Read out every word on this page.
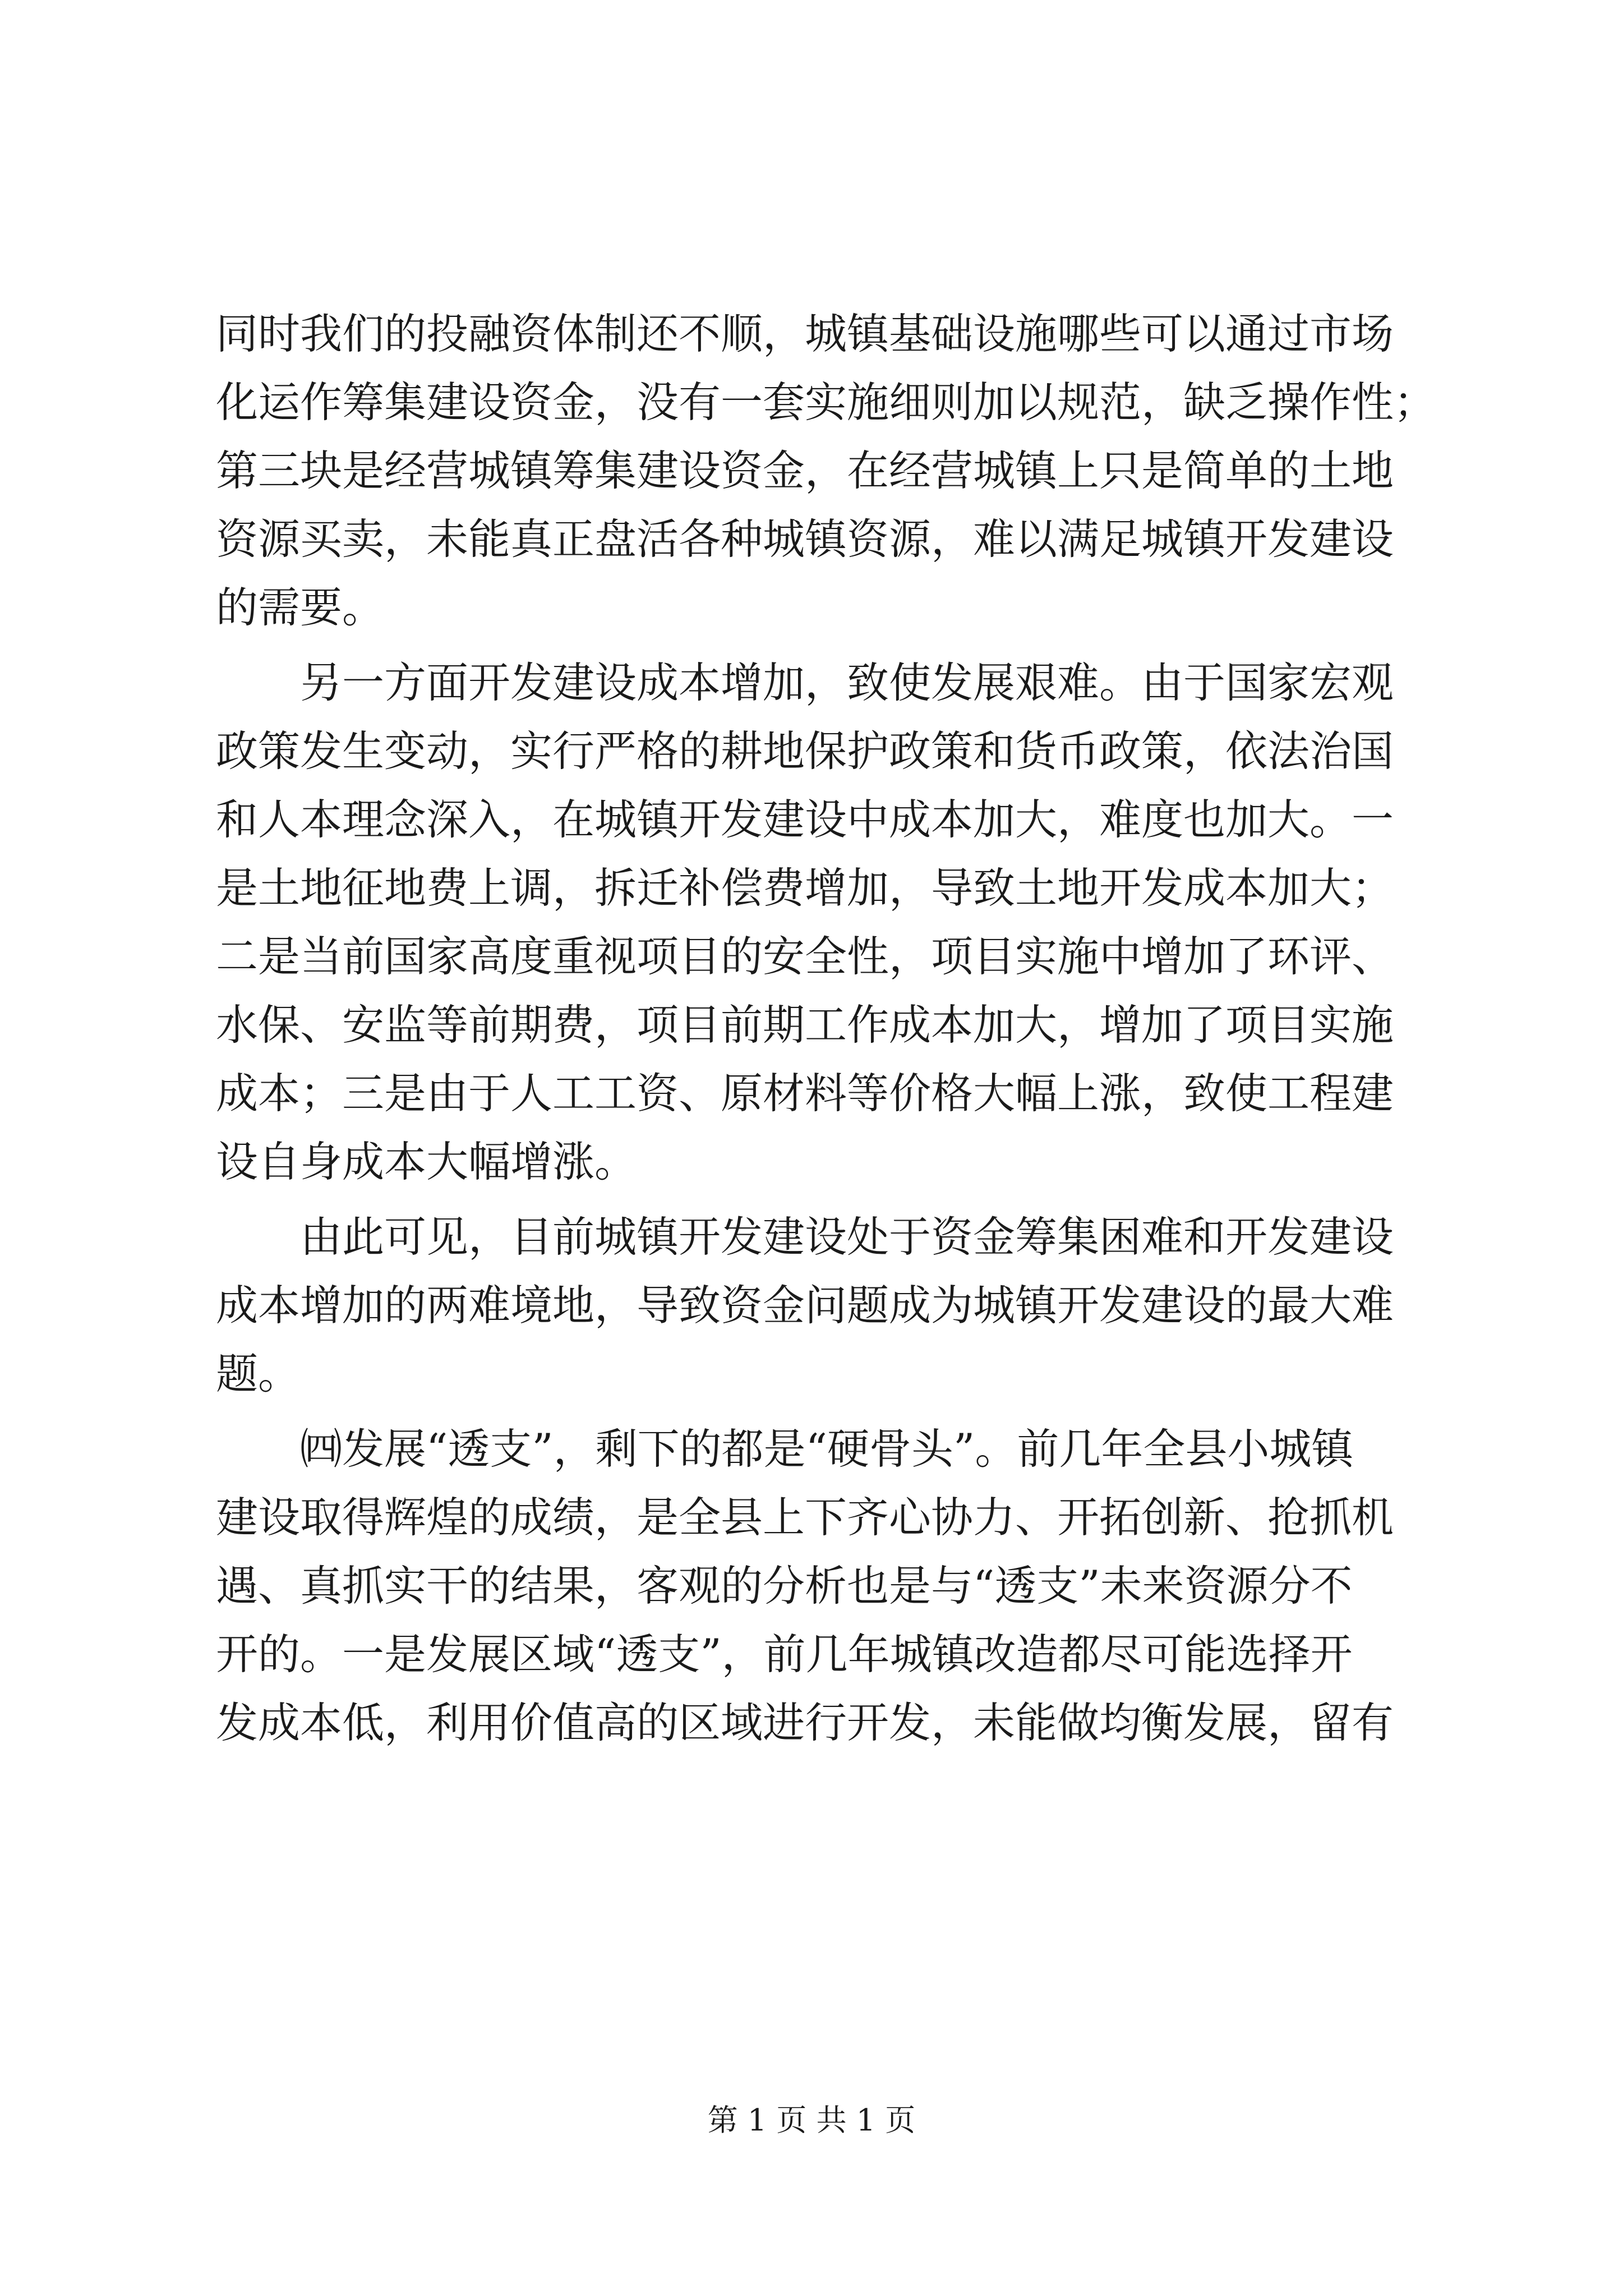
同时我们的投融资体制还不顺，城镇基础设施哪些可以通过市场
化运作筹集建设资金，没有一套实施细则加以规范，缺乏操作性；
第三块是经营城镇筹集建设资金，在经营城镇上只是简单的土地
资源买卖，未能真正盘活各种城镇资源，难以满足城镇开发建设
的需要。
另一方面开发建设成本增加，致使发展艰难。由于国家宏观
政策发生变动，实行严格的耕地保护政策和货币政策，依法治国
和人本理念深入，在城镇开发建设中成本加大，难度也加大。一
是土地征地费上调，拆迁补偿费增加，导致土地开发成本加大；
二是当前国家高度重视项目的安全性，项目实施中增加了环评、
水保、安监等前期费，项目前期工作成本加大，增加了项目实施
成本；三是由于人工工资、原材料等价格大幅上涨，致使工程建
设自身成本大幅增涨。
由此可见，目前城镇开发建设处于资金筹集困难和开发建设
成本增加的两难境地，导致资金问题成为城镇开发建设的最大难
题。
㈣发展“透支”，剩下的都是“硬骨头”。前几年全县小城镇
建设取得辉煌的成绩，是全县上下齐心协力、开拓创新、抢抓机
遇、真抓实干的结果，客观的分析也是与“透支”未来资源分不
开的。一是发展区域“透支”，前几年城镇改造都尽可能选择开
发成本低，利用价值高的区域进行开发，未能做均衡发展，留有
第 1 页 共 1 页
